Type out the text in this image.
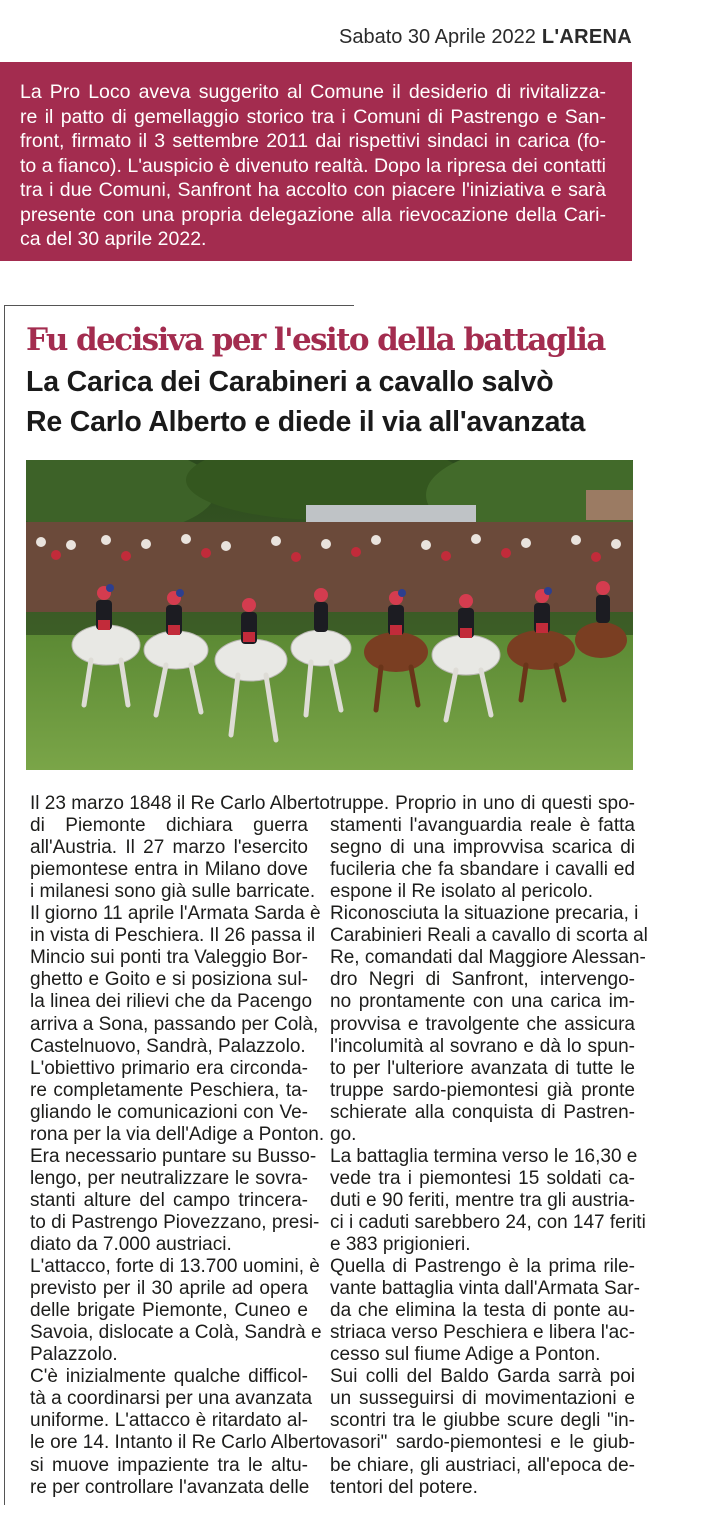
Sabato 30 Aprile 2022 L'ARENA
La Pro Loco aveva suggerito al Comune il desiderio di rivitalizza-
re il patto di gemellaggio storico tra i Comuni di Pastrengo e San-
front, firmato il 3 settembre 2011 dai rispettivi sindaci in carica (fo-
to a fianco). L'auspicio è divenuto realtà. Dopo la ripresa dei contatti
tra i due Comuni, Sanfront ha accolto con piacere l'iniziativa e sarà
presente con una propria delegazione alla rievocazione della Cari-
ca del 30 aprile 2022.
Fu decisiva per l'esito della battaglia
La Carica dei Carabineri a cavallo salvò
Re Carlo Alberto e diede il via all'avanzata
Il 23 marzo 1848 il Re Carlo Alberto
di Piemonte dichiara guerra
all'Austria. Il 27 marzo l'esercito
piemontese entra in Milano dove
i milanesi sono già sulle barricate.
Il giorno 11 aprile l'Armata Sarda è
in vista di Peschiera. Il 26 passa il
Mincio sui ponti tra Valeggio Bor-
ghetto e Goito e si posiziona sul-
la linea dei rilievi che da Pacengo
arriva a Sona, passando per Colà,
Castelnuovo, Sandrà, Palazzolo.
L'obiettivo primario era circonda-
re completamente Peschiera, ta-
gliando le comunicazioni con Ve-
rona per la via dell'Adige a Ponton.
Era necessario puntare su Busso-
lengo, per neutralizzare le sovra-
stanti alture del campo trincera-
to di Pastrengo Piovezzano, presi-
diato da 7.000 austriaci.
L'attacco, forte di 13.700 uomini, è
previsto per il 30 aprile ad opera
delle brigate Piemonte, Cuneo e
Savoia, dislocate a Colà, Sandrà e
Palazzolo.
C'è inizialmente qualche difficol-
tà a coordinarsi per una avanzata
uniforme. L'attacco è ritardato al-
le ore 14. Intanto il Re Carlo Alberto
si muove impaziente tra le altu-
re per controllare l'avanzata delle
truppe. Proprio in uno di questi spo-
stamenti l'avanguardia reale è fatta
segno di una improvvisa scarica di
fucileria che fa sbandare i cavalli ed
espone il Re isolato al pericolo.
Riconosciuta la situazione precaria, i
Carabinieri Reali a cavallo di scorta al
Re, comandati dal Maggiore Alessan-
dro Negri di Sanfront, intervengo-
no prontamente con una carica im-
provvisa e travolgente che assicura
l'incolumità al sovrano e dà lo spun-
to per l'ulteriore avanzata di tutte le
truppe sardo-piemontesi già pronte
schierate alla conquista di Pastren-
go.
La battaglia termina verso le 16,30 e
vede tra i piemontesi 15 soldati ca-
duti e 90 feriti, mentre tra gli austria-
ci i caduti sarebbero 24, con 147 feriti
e 383 prigionieri.
Quella di Pastrengo è la prima rile-
vante battaglia vinta dall'Armata Sar-
da che elimina la testa di ponte au-
striaca verso Peschiera e libera l'ac-
cesso sul fiume Adige a Ponton.
Sui colli del Baldo Garda sarrà poi
un susseguirsi di movimentazioni e
scontri tra le giubbe scure degli "in-
vasori" sardo-piemontesi e le giub-
be chiare, gli austriaci, all'epoca de-
tentori del potere.
